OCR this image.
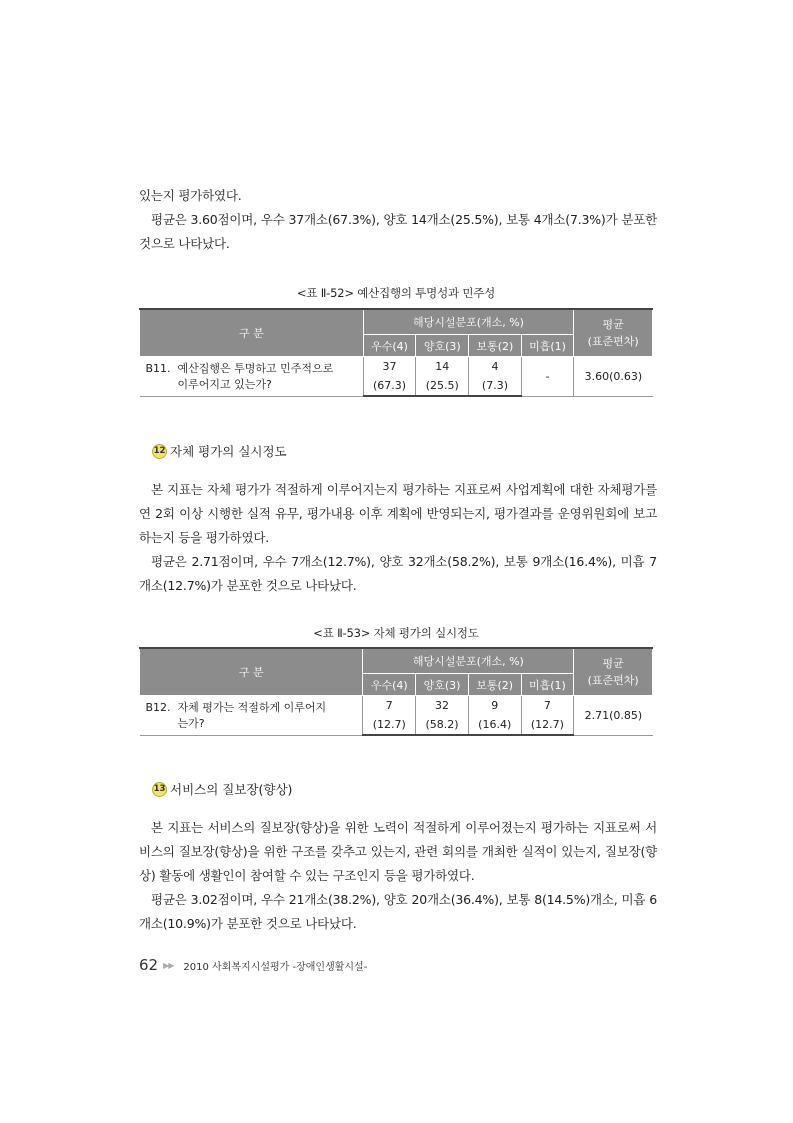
있는지 평가하였다.

평균은 3.60점이며, 우수 37개소(67.3%), 양호 14개소(25.5%), 보통 4개소(7.3%)가 분포한 것으로 나타났다.

<표 Ⅱ-52> 예산집행의 투명성과 민주성
구 분	해당시설분포(개소, %)				평균
(표준편차)
	우수(4)	양호(3)	보통(2)	미흡(1)	
B11. 예산집행은 투명하고 민주적으로
이루어지고 있는가?	37	14	4	-	3.60(0.63)
	(67.3)	(25.5)	(7.3)		
12 자체 평가의 실시정도

본 지표는 자체 평가가 적절하게 이루어지는지 평가하는 지표로써 사업계획에 대한 자체평가를 연 2회 이상 시행한 실적 유무, 평가내용 이후 계획에 반영되는지, 평가결과를 운영위원회에 보고하는지 등을 평가하였다.

평균은 2.71점이며, 우수 7개소(12.7%), 양호 32개소(58.2%), 보통 9개소(16.4%), 미흡 7개소(12.7%)가 분포한 것으로 나타났다.

<표 Ⅱ-53> 자체 평가의 실시정도
구 분	해당시설분포(개소, %)				평균
(표준편차)
	우수(4)	양호(3)	보통(2)	미흡(1)	
B12. 자체 평가는 적절하게 이루어지
는가?	7	32	9	7	2.71(0.85)
	(12.7)	(58.2)	(16.4)	(12.7)	
13 서비스의 질보장(향상)

본 지표는 서비스의 질보장(향상)을 위한 노력이 적절하게 이루어졌는지 평가하는 지표로써 서비스의 질보장(향상)을 위한 구조를 갖추고 있는지, 관련 회의를 개최한 실적이 있는지, 질보장(향상) 활동에 생활인이 참여할 수 있는 구조인지 등을 평가하였다.

평균은 3.02점이며, 우수 21개소(38.2%), 양호 20개소(36.4%), 보통 8(14.5%)개소, 미흡 6개소(10.9%)가 분포한 것으로 나타났다.

62 ▶▶ 2010 사회복지시설평가 -장애인생활시설-
